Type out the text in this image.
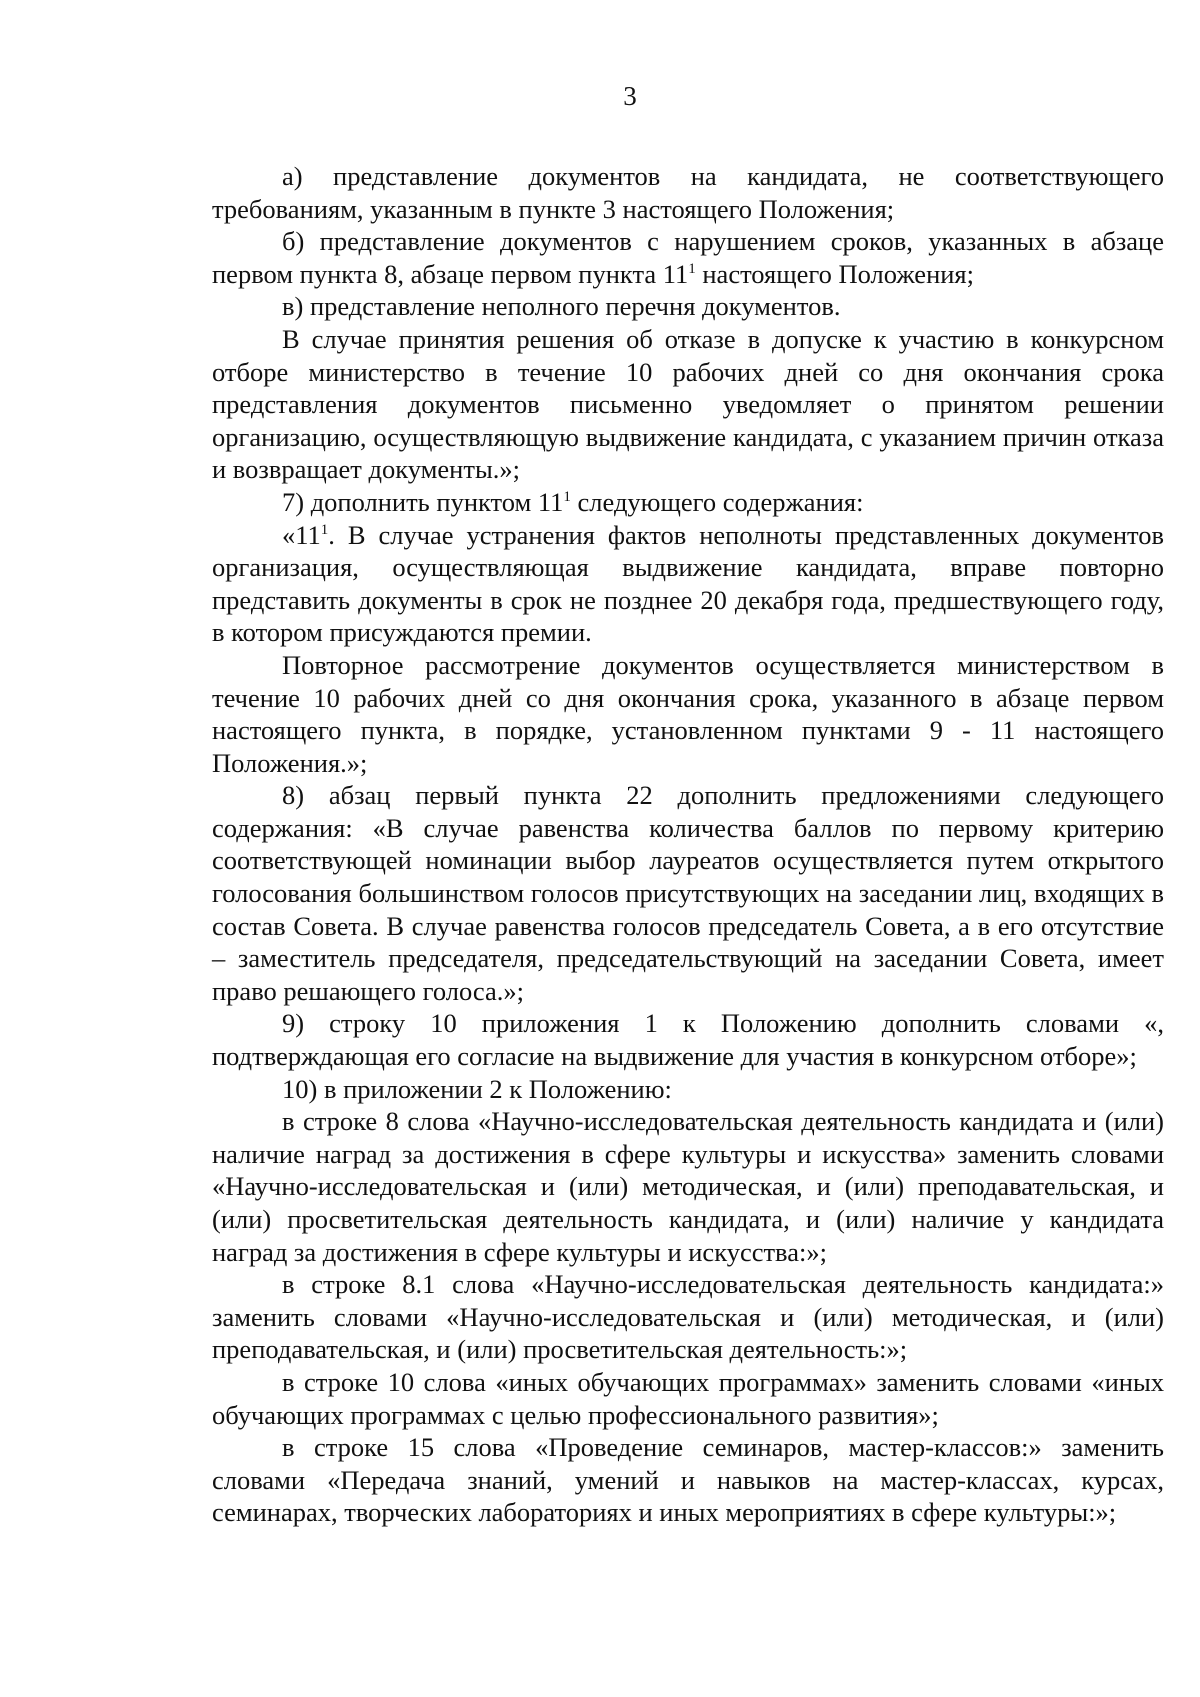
3

а) представление документов на кандидата, не соответствующего требованиям, указанным в пункте 3 настоящего Положения;

б) представление документов с нарушением сроков, указанных в абзаце первом пункта 8, абзаце первом пункта $11^1$ настоящего Положения;

в) представление неполного перечня документов.

В случае принятия решения об отказе в допуске к участию в конкурсном отборе министерство в течение 10 рабочих дней со дня окончания срока представления документов письменно уведомляет о принятом решении организацию, осуществляющую выдвижение кандидата, с указанием причин отказа и возвращает документы.»;

7) дополнить пунктом $11^1$ следующего содержания:

«$11^1$. В случае устранения фактов неполноты представленных документов организация, осуществляющая выдвижение кандидата, вправе повторно представить документы в срок не позднее 20 декабря года, предшествующего году, в котором присуждаются премии.

Повторное рассмотрение документов осуществляется министерством в течение 10 рабочих дней со дня окончания срока, указанного в абзаце первом настоящего пункта, в порядке, установленном пунктами 9 - 11 настоящего Положения.»;

8) абзац первый пункта 22 дополнить предложениями следующего содержания: «В случае равенства количества баллов по первому критерию соответствующей номинации выбор лауреатов осуществляется путем открытого голосования большинством голосов присутствующих на заседании лиц, входящих в состав Совета. В случае равенства голосов председатель Совета, а в его отсутствие – заместитель председателя, председательствующий на заседании Совета, имеет право решающего голоса.»;

9) строку 10 приложения 1 к Положению дополнить словами «, подтверждающая его согласие на выдвижение для участия в конкурсном отборе»;

10) в приложении 2 к Положению:

в строке 8 слова «Научно-исследовательская деятельность кандидата и (или) наличие наград за достижения в сфере культуры и искусства» заменить словами «Научно-исследовательская и (или) методическая, и (или) преподавательская, и (или) просветительская деятельность кандидата, и (или) наличие у кандидата наград за достижения в сфере культуры и искусства:»;

в строке 8.1 слова «Научно-исследовательская деятельность кандидата:» заменить словами «Научно-исследовательская и (или) методическая, и (или) преподавательская, и (или) просветительская деятельность:»;

в строке 10 слова «иных обучающих программах» заменить словами «иных обучающих программах с целью профессионального развития»;

в строке 15 слова «Проведение семинаров, мастер-классов:» заменить словами «Передача знаний, умений и навыков на мастер-классах, курсах, семинарах, творческих лабораториях и иных мероприятиях в сфере культуры:»;
